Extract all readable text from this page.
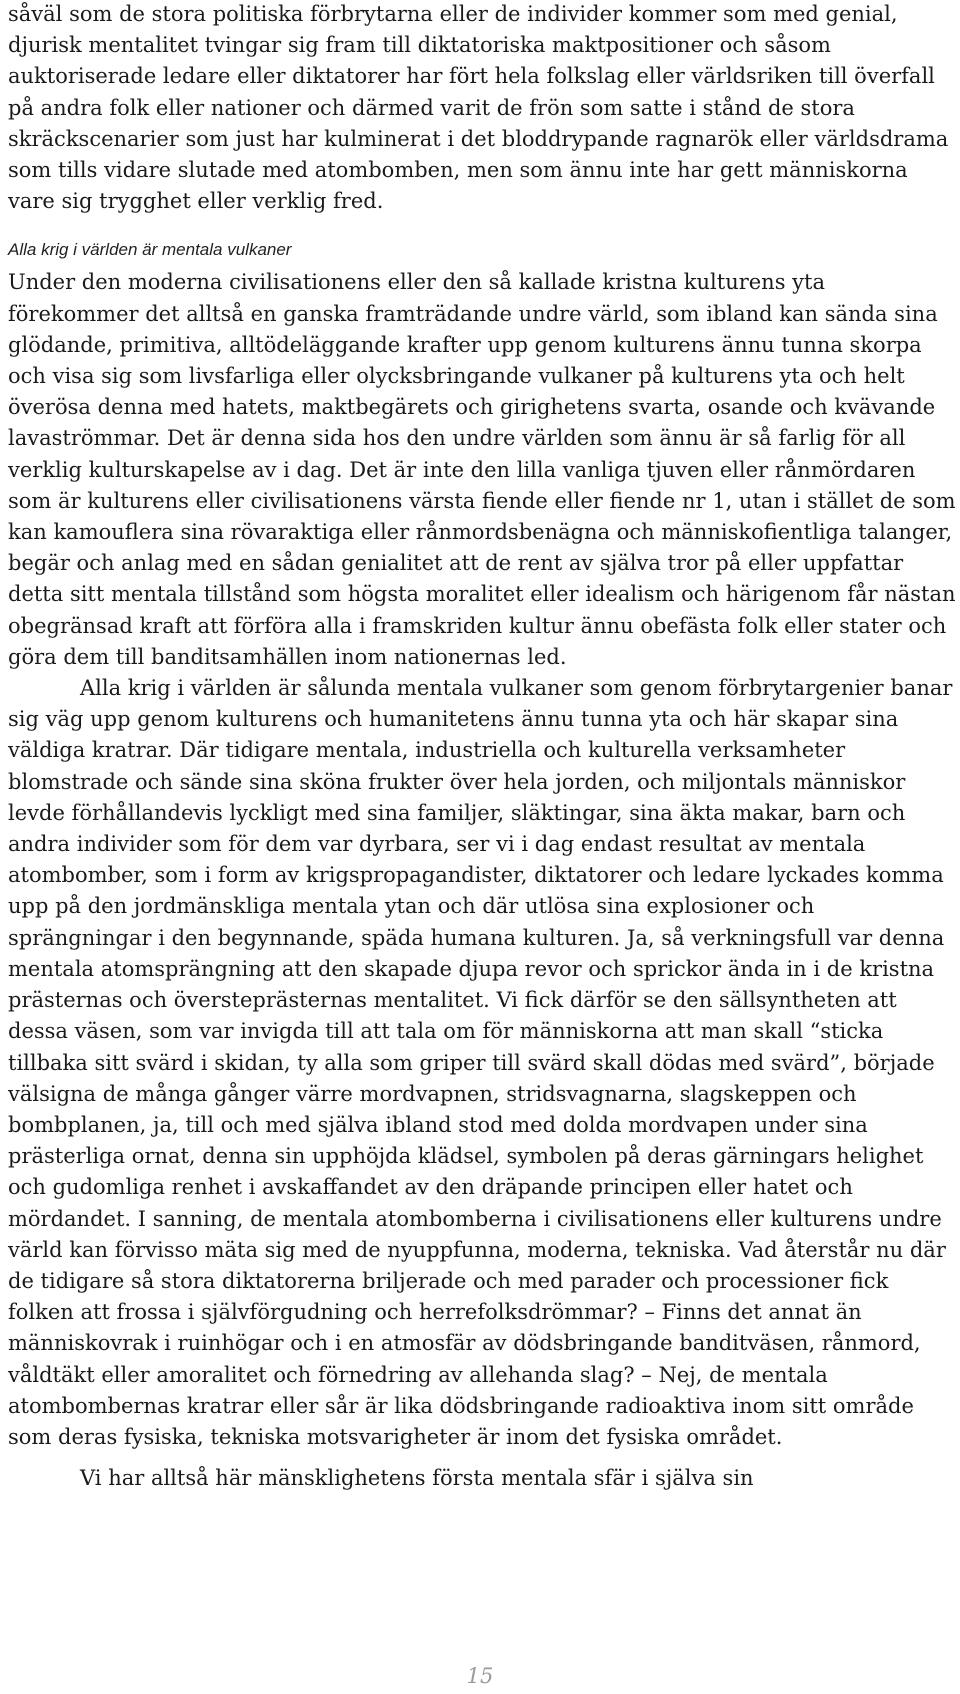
såväl som de stora politiska förbrytarna eller de individer kommer som med genial, djurisk mentalitet tvingar sig fram till diktatoriska maktpositioner och såsom auktoriserade ledare eller diktatorer har fört hela folkslag eller världsriken till överfall på andra folk eller nationer och därmed varit de frön som satte i stånd de stora skräckscenarier som just har kulminerat i det bloddrypande ragnarök eller världsdrama som tills vidare slutade med atombomben, men som ännu inte har gett människorna vare sig trygghet eller verklig fred.

Alla krig i världen är mentala vulkaner

Under den moderna civilisationens eller den så kallade kristna kulturens yta förekommer det alltså en ganska framträdande undre värld, som ibland kan sända sina glödande, primitiva, alltödeläggande krafter upp genom kulturens ännu tunna skorpa och visa sig som livsfarliga eller olycksbringande vulkaner på kulturens yta och helt överösa denna med hatets, maktbegärets och girighetens svarta, osande och kvävande lavaströmmar. Det är denna sida hos den undre världen som ännu är så farlig för all verklig kulturskapelse av i dag. Det är inte den lilla vanliga tjuven eller rånmördaren som är kulturens eller civilisationens värsta fiende eller fiende nr 1, utan i stället de som kan kamouflera sina rövaraktiga eller rånmordsbenägna och människofientliga talanger, begär och anlag med en sådan genialitet att de rent av själva tror på eller uppfattar detta sitt mentala tillstånd som högsta moralitet eller idealism och härigenom får nästan obegränsad kraft att förföra alla i framskriden kultur ännu obefästa folk eller stater och göra dem till banditsamhällen inom nationernas led.

Alla krig i världen är sålunda mentala vulkaner som genom förbrytargenier banar sig väg upp genom kulturens och humanitetens ännu tunna yta och här skapar sina väldiga kratrar. Där tidigare mentala, industriella och kulturella verksamheter blomstrade och sände sina sköna frukter över hela jorden, och miljontals människor levde förhållandevis lyckligt med sina familjer, släktingar, sina äkta makar, barn och andra individer som för dem var dyrbara, ser vi i dag endast resultat av mentala atombomber, som i form av krigspropagandister, diktatorer och ledare lyckades komma upp på den jordmänskliga mentala ytan och där utlösa sina explosioner och sprängningar i den begynnande, späda humana kulturen. Ja, så verkningsfull var denna mentala atomsprängning att den skapade djupa revor och sprickor ända in i de kristna prästernas och översteprästernas mentalitet. Vi fick därför se den sällsyntheten att dessa väsen, som var invigda till att tala om för människorna att man skall “sticka tillbaka sitt svärd i skidan, ty alla som griper till svärd skall dödas med svärd”, började välsigna de många gånger värre mordvapnen, stridsvagnarna, slagskeppen och bombplanen, ja, till och med själva ibland stod med dolda mordvapen under sina prästerliga ornat, denna sin upphöjda klädsel, symbolen på deras gärningars helighet och gudomliga renhet i avskaffandet av den dräpande principen eller hatet och mördandet. I sanning, de mentala atombomberna i civilisationens eller kulturens undre värld kan förvisso mäta sig med de nyuppfunna, moderna, tekniska. Vad återstår nu där de tidigare så stora diktatorerna briljerade och med parader och processioner fick folken att frossa i självförgudning och herrefolksdrömmar? – Finns det annat än människovrak i ruinhögar och i en atmosfär av dödsbringande banditväsen, rånmord, våldtäkt eller amoralitet och förnedring av allehanda slag? – Nej, de mentala atombombernas kratrar eller sår är lika dödsbringande radioaktiva inom sitt område som deras fysiska, tekniska motsvarigheter är inom det fysiska området.

Vi har alltså här mänsklighetens första mentala sfär i själva sin

15
